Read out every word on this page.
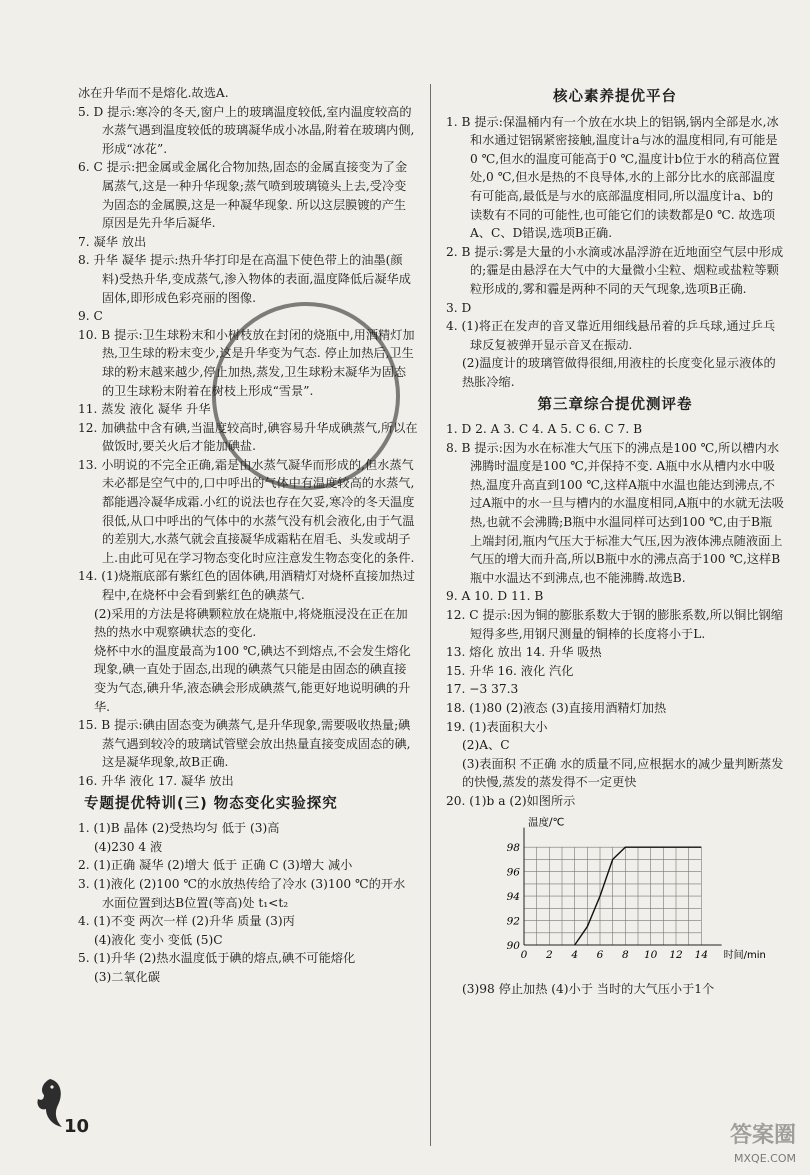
冰在升华而不是熔化.故选A.

5. D 提示:寒冷的冬天,窗户上的玻璃温度较低,室内温度较高的水蒸气遇到温度较低的玻璃凝华成小冰晶,附着在玻璃内侧,形成“冰花”.

6. C 提示:把金属或金属化合物加热,固态的金属直接变为了金属蒸气,这是一种升华现象;蒸气喷到玻璃镜头上去,受冷变为固态的金属膜,这是一种凝华现象. 所以这层膜镀的产生原因是先升华后凝华.

7. 凝华 放出

8. 升华 凝华 提示:热升华打印是在高温下使色带上的油墨(颜料)受热升华,变成蒸气,渗入物体的表面,温度降低后凝华成固体,即形成色彩亮丽的图像.

9. C

10. B 提示:卫生球粉末和小树枝放在封闭的烧瓶中,用酒精灯加热,卫生球的粉末变少,这是升华变为气态. 停止加热后,卫生球的粉末越来越少,停止加热,蒸发,卫生球粉末凝华为固态的卫生球粉末附着在树枝上形成“雪景”.

11. 蒸发 液化 凝华 升华

12. 加碘盐中含有碘,当温度较高时,碘容易升华成碘蒸气,所以在做饭时,要关火后才能加碘盐.

13. 小明说的不完全正确,霜是由水蒸气凝华而形成的,但水蒸气未必都是空气中的,口中呼出的气体中有温度较高的水蒸气,都能遇冷凝华成霜.小红的说法也存在欠妥,寒冷的冬天温度很低,从口中呼出的气体中的水蒸气没有机会液化,由于气温的差别大,水蒸气就会直接凝华成霜粘在眉毛、头发或胡子上.由此可见在学习物态变化时应注意发生物态变化的条件.

14. (1)烧瓶底部有紫红色的固体碘,用酒精灯对烧杯直接加热过程中,在烧杯中会看到紫红色的碘蒸气.

(2)采用的方法是将碘颗粒放在烧瓶中,将烧瓶浸没在正在加热的热水中观察碘状态的变化.

烧杯中水的温度最高为100 ℃,碘达不到熔点,不会发生熔化现象,碘一直处于固态,出现的碘蒸气只能是由固态的碘直接变为气态,碘升华,液态碘会形成碘蒸气,能更好地说明碘的升华.

15. B 提示:碘由固态变为碘蒸气,是升华现象,需要吸收热量;碘蒸气遇到较冷的玻璃试管壁会放出热量直接变成固态的碘,这是凝华现象,故B正确.

16. 升华 液化 17. 凝华 放出

专题提优特训(三) 物态变化实验探究

1. (1)B 晶体 (2)受热均匀 低于 (3)高

(4)230 4 液

2. (1)正确 凝华 (2)增大 低于 正确 C (3)增大 减小

3. (1)液化 (2)100 ℃的水放热传给了冷水 (3)100 ℃的开水 水面位置到达B位置(等高)处 t₁<t₂

4. (1)不变 两次一样 (2)升华 质量 (3)丙

(4)液化 变小 变低 (5)C

5. (1)升华 (2)热水温度低于碘的熔点,碘不可能熔化

(3)二氧化碳

核心素养提优平台

1. B 提示:保温桶内有一个放在水块上的铝锅,锅内全部是水,冰和水通过铝锅紧密接触,温度计a与冰的温度相同,有可能是0 ℃,但水的温度可能高于0 ℃,温度计b位于水的稍高位置处,0 ℃,但水是热的不良导体,水的上部分比水的底部温度有可能高,最低是与水的底部温度相同,所以温度计a、b的读数有不同的可能性,也可能它们的读数都是0 ℃. 故选项A、C、D错误,选项B正确.

2. B 提示:雾是大量的小水滴或冰晶浮游在近地面空气层中形成的;霾是由悬浮在大气中的大量微小尘粒、烟粒或盐粒等颗粒形成的,雾和霾是两种不同的天气现象,选项B正确.

3. D

4. (1)将正在发声的音叉靠近用细线悬吊着的乒乓球,通过乒乓球反复被弹开显示音叉在振动.

(2)温度计的玻璃管做得很细,用液柱的长度变化显示液体的热胀冷缩.

第三章综合提优测评卷

1. D 2. A 3. C 4. A 5. C 6. C 7. B

8. B 提示:因为水在标准大气压下的沸点是100 ℃,所以槽内水沸腾时温度是100 ℃,并保持不变. A瓶中水从槽内水中吸热,温度升高直到100 ℃,这样A瓶中水温也能达到沸点,不过A瓶中的水一旦与槽内的水温度相同,A瓶中的水就无法吸热,也就不会沸腾;B瓶中水温同样可达到100 ℃,由于B瓶上端封闭,瓶内气压大于标准大气压,因为液体沸点随液面上气压的增大而升高,所以B瓶中水的沸点高于100 ℃,这样B瓶中水温达不到沸点,也不能沸腾.故选B.

9. A 10. D 11. B

12. C 提示:因为铜的膨胀系数大于钢的膨胀系数,所以铜比钢缩短得多些,用钢尺测量的铜棒的长度将小于L.

13. 熔化 放出 14. 升华 吸热

15. 升华 16. 液化 汽化

17. −3 37.3

18. (1)80 (2)液态 (3)直接用酒精灯加热

19. (1)表面积大小

(2)A、C

(3)表面积 不正确 水的质量不同,应根据水的减少量判断蒸发的快慢,蒸发的蒸发得不一定更快

20. (1)b a (2)如图所示

0 2 4 6 8 10 12 14
90
92
94
96
98
温度/℃
时间/min

(3)98 停止加热 (4)小于 当时的大气压小于1个

10	答案圈
MXQE.COM
